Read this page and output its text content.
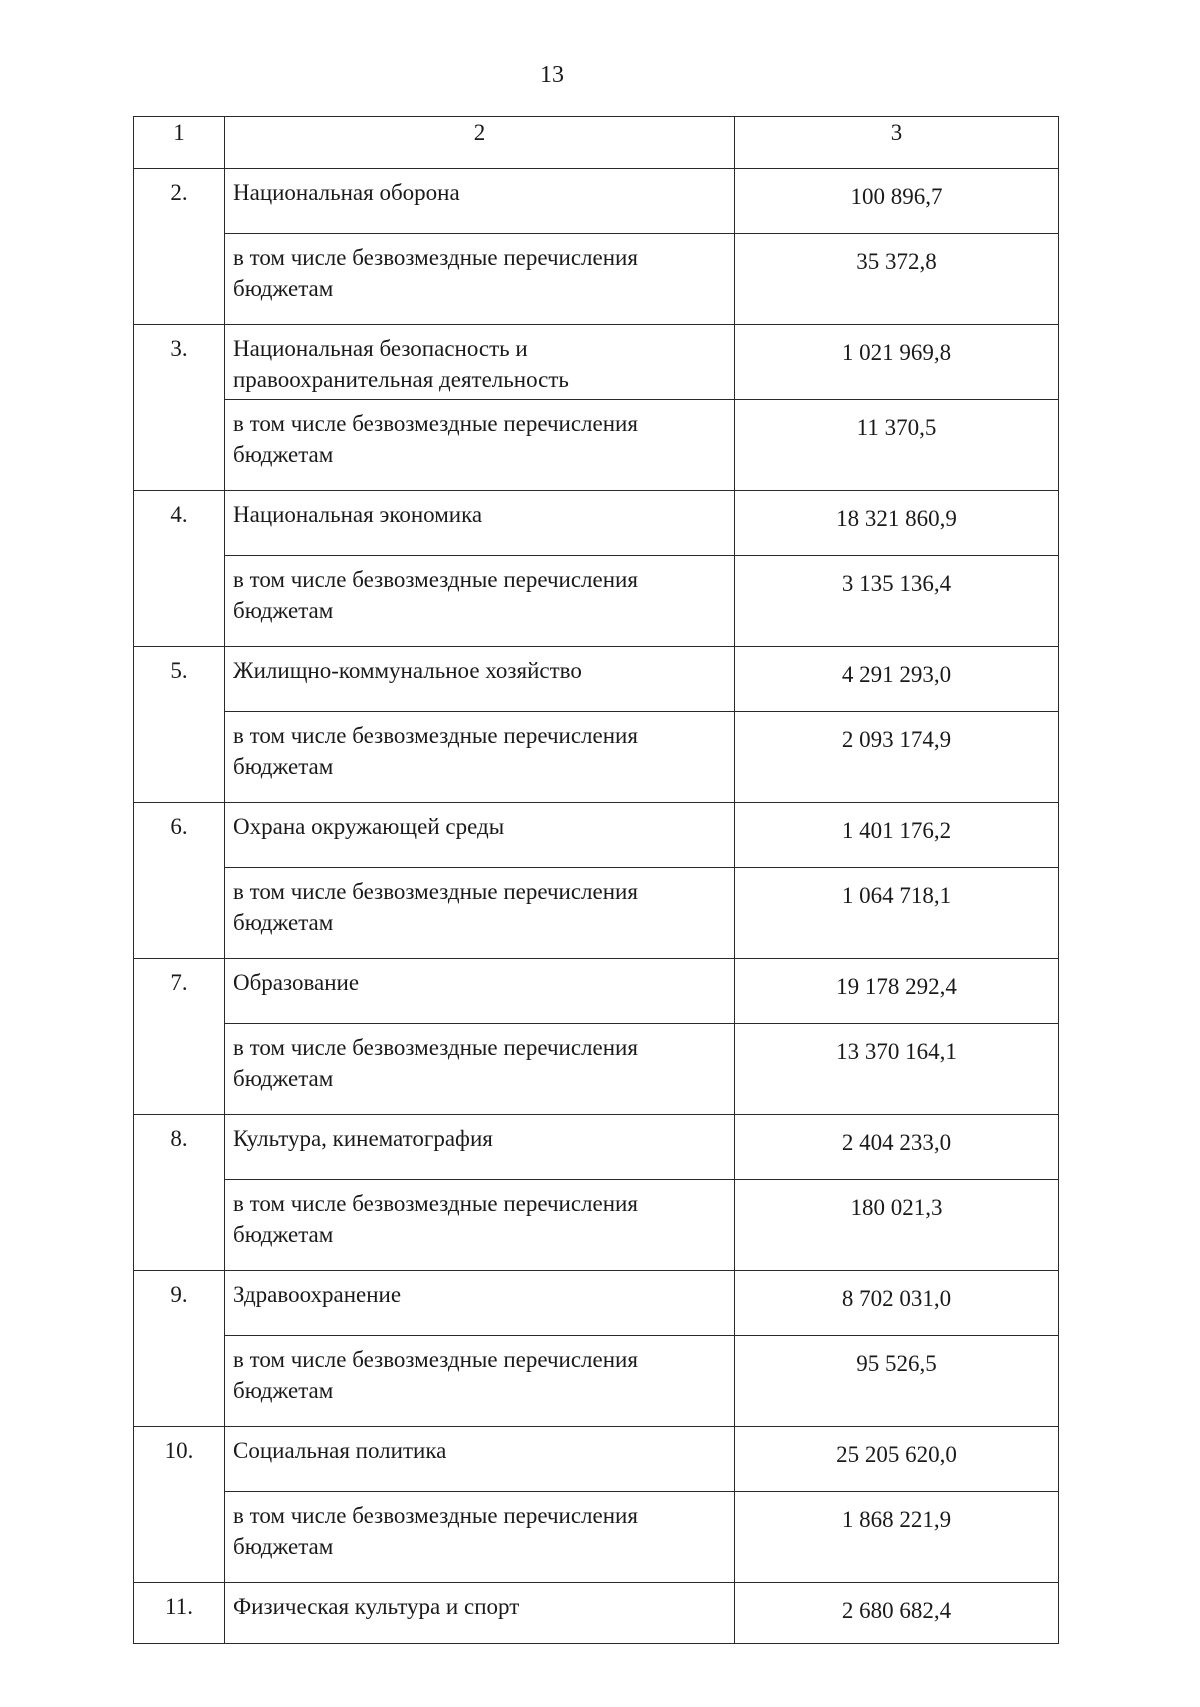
13
1	2	3
2.	Национальная оборона	100 896,7
	в том числе безвозмездные перечисления бюджетам	35 372,8
3.	Национальная безопасность и правоохранительная деятельность	1 021 969,8
	в том числе безвозмездные перечисления бюджетам	11 370,5
4.	Национальная экономика	18 321 860,9
	в том числе безвозмездные перечисления бюджетам	3 135 136,4
5.	Жилищно-коммунальное хозяйство	4 291 293,0
	в том числе безвозмездные перечисления бюджетам	2 093 174,9
6.	Охрана окружающей среды	1 401 176,2
	в том числе безвозмездные перечисления бюджетам	1 064 718,1
7.	Образование	19 178 292,4
	в том числе безвозмездные перечисления бюджетам	13 370 164,1
8.	Культура, кинематография	2 404 233,0
	в том числе безвозмездные перечисления бюджетам	180 021,3
9.	Здравоохранение	8 702 031,0
	в том числе безвозмездные перечисления бюджетам	95 526,5
10.	Социальная политика	25 205 620,0
	в том числе безвозмездные перечисления бюджетам	1 868 221,9
11.	Физическая культура и спорт	2 680 682,4
